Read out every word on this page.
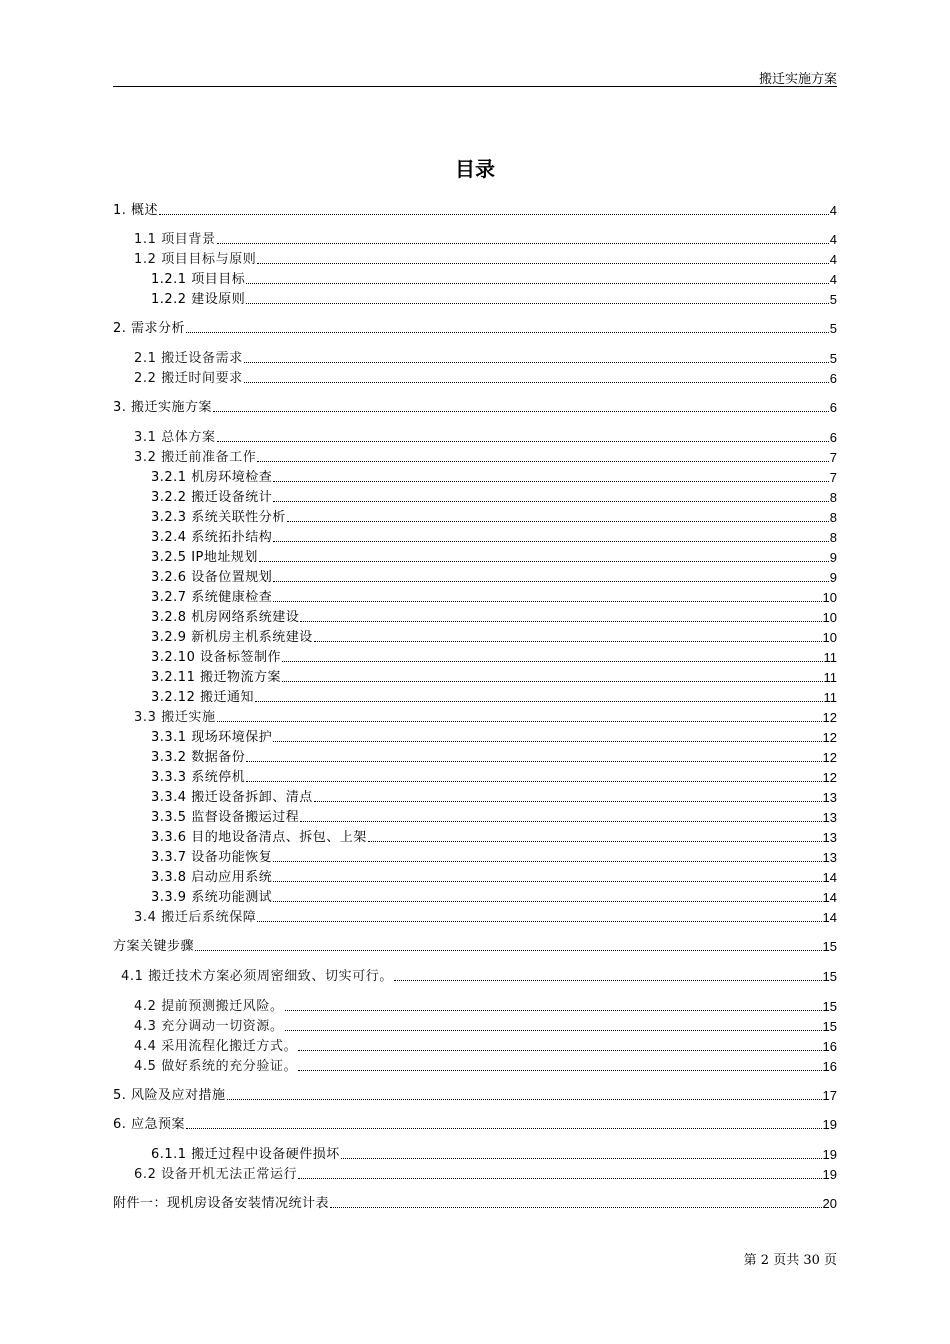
搬迁实施方案
目录
1. 概述	4
1.1 项目背景	4
1.2 项目目标与原则	4
1.2.1 项目目标	4
1.2.2 建设原则	5
2. 需求分析	5
2.1 搬迁设备需求	5
2.2 搬迁时间要求	6
3. 搬迁实施方案	6
3.1 总体方案	6
3.2 搬迁前准备工作	7
3.2.1 机房环境检查	7
3.2.2 搬迁设备统计	8
3.2.3 系统关联性分析	8
3.2.4 系统拓扑结构	8
3.2.5 IP地址规划	9
3.2.6 设备位置规划	9
3.2.7 系统健康检查	10
3.2.8 机房网络系统建设	10
3.2.9 新机房主机系统建设	10
3.2.10 设备标签制作	11
3.2.11 搬迁物流方案	11
3.2.12 搬迁通知	11
3.3 搬迁实施	12
3.3.1 现场环境保护	12
3.3.2 数据备份	12
3.3.3 系统停机	12
3.3.4 搬迁设备拆卸、清点	13
3.3.5 监督设备搬运过程	13
3.3.6 目的地设备清点、拆包、上架	13
3.3.7 设备功能恢复	13
3.3.8 启动应用系统	14
3.3.9 系统功能测试	14
3.4 搬迁后系统保障	14
方案关键步骤	15
4.1 搬迁技术方案必须周密细致、切实可行。	15
4.2 提前预测搬迁风险。	15
4.3 充分调动一切资源。	15
4.4 采用流程化搬迁方式。	16
4.5 做好系统的充分验证。	16
5. 风险及应对措施	17
6. 应急预案	19
6.1.1 搬迁过程中设备硬件损坏	19
6.2 设备开机无法正常运行	19
附件一：现机房设备安装情况统计表	20
第 2 页共 30 页
